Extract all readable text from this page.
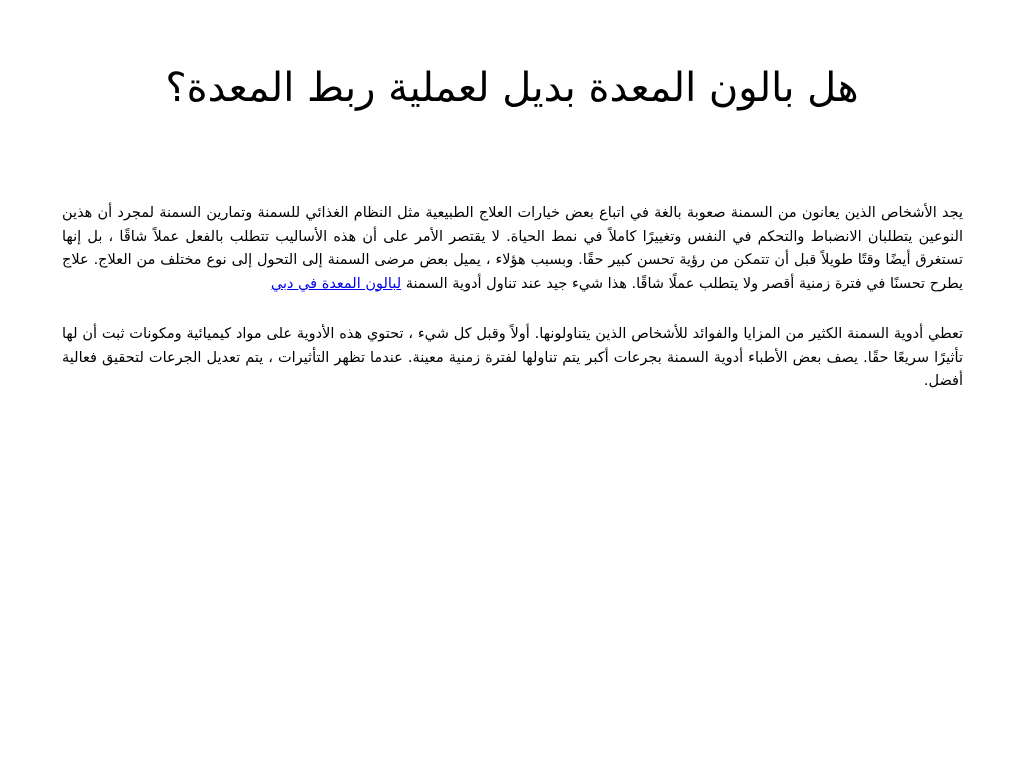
هل بالون المعدة بديل لعملية ربط المعدة؟

يجد الأشخاص الذين يعانون من السمنة صعوبة بالغة في اتباع بعض خيارات العلاج الطبيعية مثل النظام الغذائي للسمنة وتمارين السمنة لمجرد أن هذين النوعين يتطلبان الانضباط والتحكم في النفس وتغييرًا كاملاً في نمط الحياة. لا يقتصر الأمر على أن هذه الأساليب تتطلب بالفعل عملاً شاقًا ، بل إنها تستغرق أيضًا وقتًا طويلاً قبل أن تتمكن من رؤية تحسن كبير حقًا. وبسبب هؤلاء ، يميل بعض مرضى السمنة إلى التحول إلى نوع مختلف من العلاج. علاج يطرح تحسنًا في فترة زمنية أقصر ولا يتطلب عملًا شاقًا. هذا شيء جيد عند تناول أدوية السمنة لبالون المعدة في دبي

تعطي أدوية السمنة الكثير من المزايا والفوائد للأشخاص الذين يتناولونها. أولاً وقبل كل شيء ، تحتوي هذه الأدوية على مواد كيميائية ومكونات ثبت أن لها تأثيرًا سريعًا حقًا. يصف بعض الأطباء أدوية السمنة بجرعات أكبر يتم تناولها لفترة زمنية معينة. عندما تظهر التأثيرات ، يتم تعديل الجرعات لتحقيق فعالية أفضل.
